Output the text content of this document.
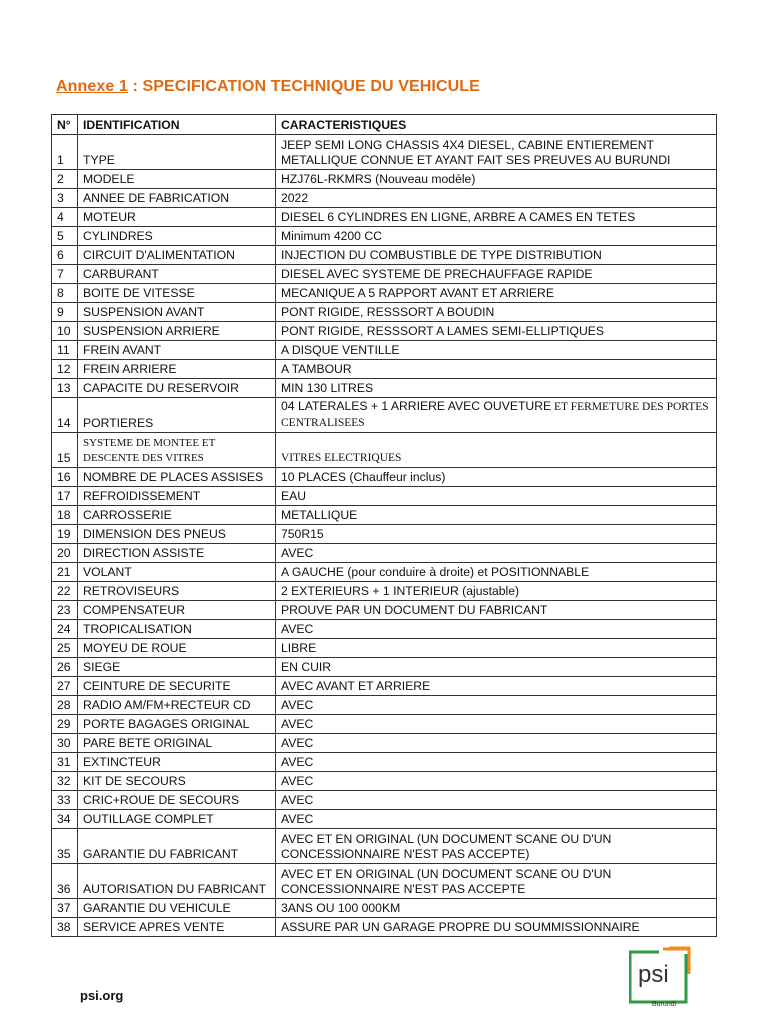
Annexe 1 : SPECIFICATION TECHNIQUE DU VEHICULE
N°	IDENTIFICATION	CARACTERISTIQUES
1	TYPE	JEEP SEMI LONG CHASSIS 4X4 DIESEL, CABINE ENTIEREMENT METALLIQUE CONNUE ET AYANT FAIT SES PREUVES AU BURUNDI
2	MODELE	HZJ76L-RKMRS (Nouveau modèle)
3	ANNEE DE FABRICATION	2022
4	MOTEUR	DIESEL 6 CYLINDRES EN LIGNE, ARBRE A CAMES EN TETES
5	CYLINDRES	Minimum 4200 CC
6	CIRCUIT D'ALIMENTATION	INJECTION DU COMBUSTIBLE DE TYPE DISTRIBUTION
7	CARBURANT	DIESEL AVEC SYSTEME DE PRECHAUFFAGE RAPIDE
8	BOITE DE VITESSE	MECANIQUE A 5 RAPPORT AVANT ET ARRIERE
9	SUSPENSION AVANT	PONT RIGIDE, RESSSORT A BOUDIN
10	SUSPENSION ARRIERE	PONT RIGIDE, RESSSORT A LAMES SEMI-ELLIPTIQUES
11	FREIN AVANT	A DISQUE VENTILLE
12	FREIN ARRIERE	A TAMBOUR
13	CAPACITE DU RESERVOIR	MIN 130 LITRES
14	PORTIERES	04 LATERALES + 1 ARRIERE AVEC OUVETURE ET FERMETURE DES PORTES CENTRALISEES
15	SYSTEME DE MONTEE ET DESCENTE DES VITRES	VITRES ELECTRIQUES
16	NOMBRE DE PLACES ASSISES	10 PLACES (Chauffeur inclus)
17	REFROIDISSEMENT	EAU
18	CARROSSERIE	METALLIQUE
19	DIMENSION DES PNEUS	750R15
20	DIRECTION ASSISTE	AVEC
21	VOLANT	A GAUCHE (pour conduire à droite) et POSITIONNABLE
22	RETROVISEURS	2 EXTERIEURS + 1 INTERIEUR (ajustable)
23	COMPENSATEUR	PROUVE PAR UN DOCUMENT DU FABRICANT
24	TROPICALISATION	AVEC
25	MOYEU DE ROUE	LIBRE
26	SIEGE	EN CUIR
27	CEINTURE DE SECURITE	AVEC AVANT ET ARRIERE
28	RADIO AM/FM+RECTEUR CD	AVEC
29	PORTE BAGAGES ORIGINAL	AVEC
30	PARE BETE ORIGINAL	AVEC
31	EXTINCTEUR	AVEC
32	KIT DE SECOURS	AVEC
33	CRIC+ROUE DE SECOURS	AVEC
34	OUTILLAGE COMPLET	AVEC
35	GARANTIE DU FABRICANT	AVEC ET EN ORIGINAL (UN DOCUMENT SCANE OU D'UN CONCESSIONNAIRE N'EST PAS ACCEPTE)
36	AUTORISATION DU FABRICANT	AVEC ET EN ORIGINAL (UN DOCUMENT SCANE OU D'UN CONCESSIONNAIRE N'EST PAS ACCEPTE
37	GARANTIE DU VEHICULE	3ANS OU 100 000KM
38	SERVICE APRES VENTE	ASSURE PAR UN GARAGE PROPRE DU SOUMMISSIONNAIRE
psi.org
psi
Burundi
